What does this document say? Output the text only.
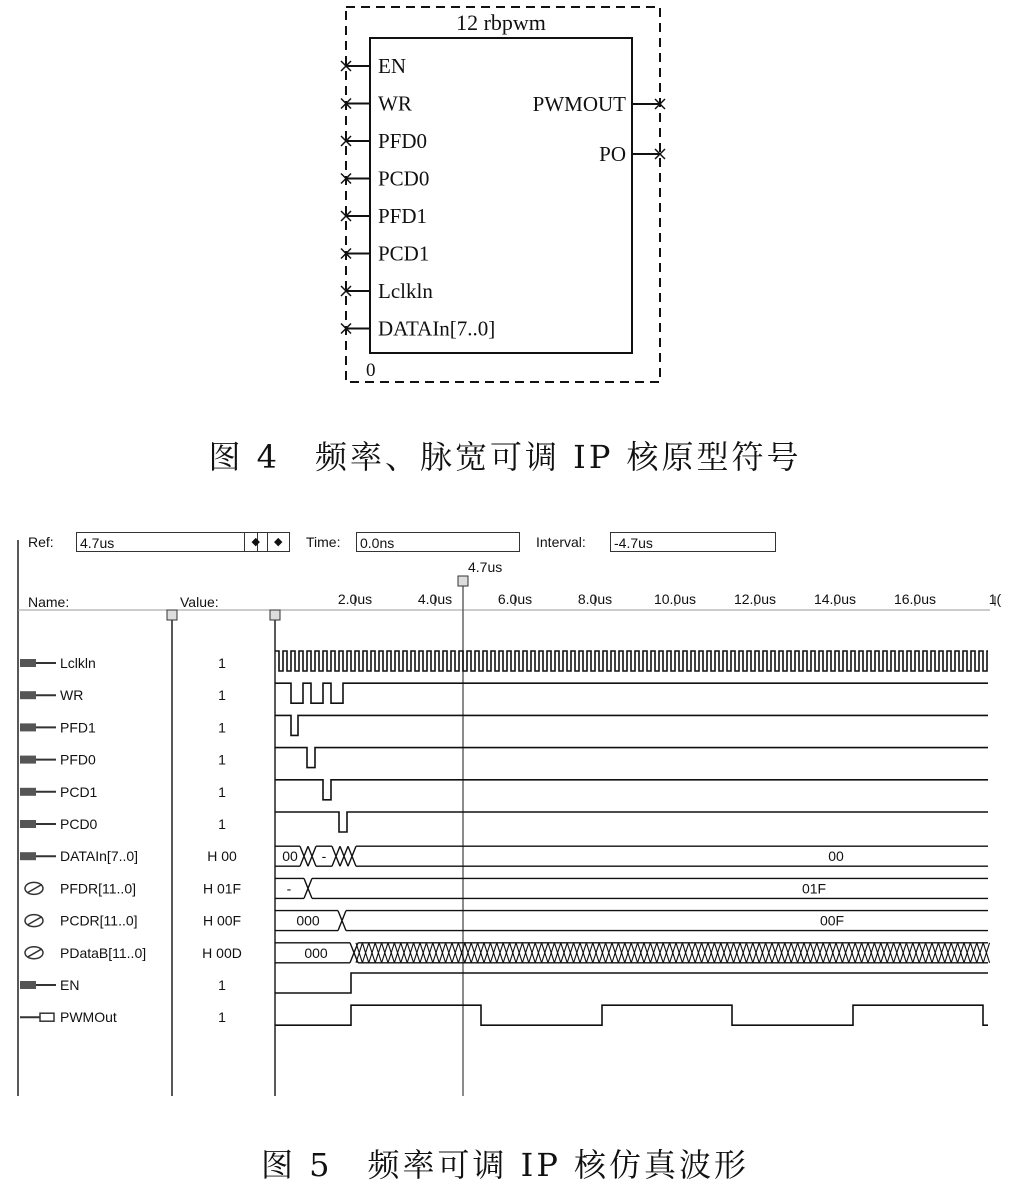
12 rbpwm
0
EN
WR
PFD0
PCD0
PFD1
PCD1
Lclkln
DATAIn[7..0]
PWMOUT
PO
图 4　频率、脉宽可调 IP 核原型符号
Ref: 4.7us	◆	◆	Time: 0.0ns	Interval: -4.7us
Name:	Value:	2.0us	4.0us	6.0us	8.0us	10.0us	12.0us	14.0us	16.0us	1(
4.7us
Lclkln	1
WR	1
PFD1	1
PFD0	1
PCD1	1
PCD0	1
DATAIn[7..0]	H 00	00 -	00
PFDR[11..0]	H 01F	-	01F
PCDR[11..0]	H 00F	000	00F
PDataB[11..0]	H 00D	000
EN	1
PWMOut	1
图 5　频率可调 IP 核仿真波形
